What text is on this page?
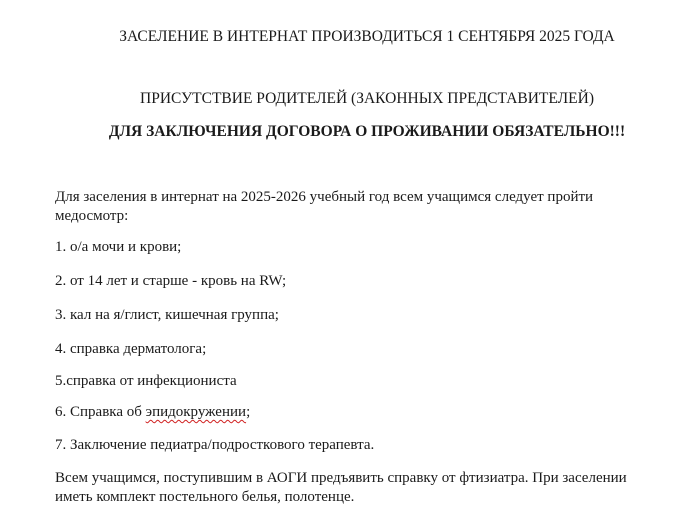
ЗАСЕЛЕНИЕ В ИНТЕРНАТ ПРОИЗВОДИТЬСЯ 1 СЕНТЯБРЯ 2025 ГОДА
ПРИСУТСТВИЕ РОДИТЕЛЕЙ (ЗАКОННЫХ ПРЕДСТАВИТЕЛЕЙ)
ДЛЯ ЗАКЛЮЧЕНИЯ ДОГОВОРА О ПРОЖИВАНИИ ОБЯЗАТЕЛЬНО!!!
Для заселения в интернат на 2025-2026 учебный год всем учащимся следует пройти медосмотр:
1. о/а мочи и крови;
2. от 14 лет и старше - кровь на RW;
3. кал на я/глист, кишечная группа;
4. справка дерматолога;
5.справка от инфекциониста
6. Справка об эпидокружении;
7. Заключение педиатра/подросткового терапевта.
Всем учащимся, поступившим в АОГИ предъявить справку от фтизиатра. При заселении иметь комплект постельного белья, полотенце.
